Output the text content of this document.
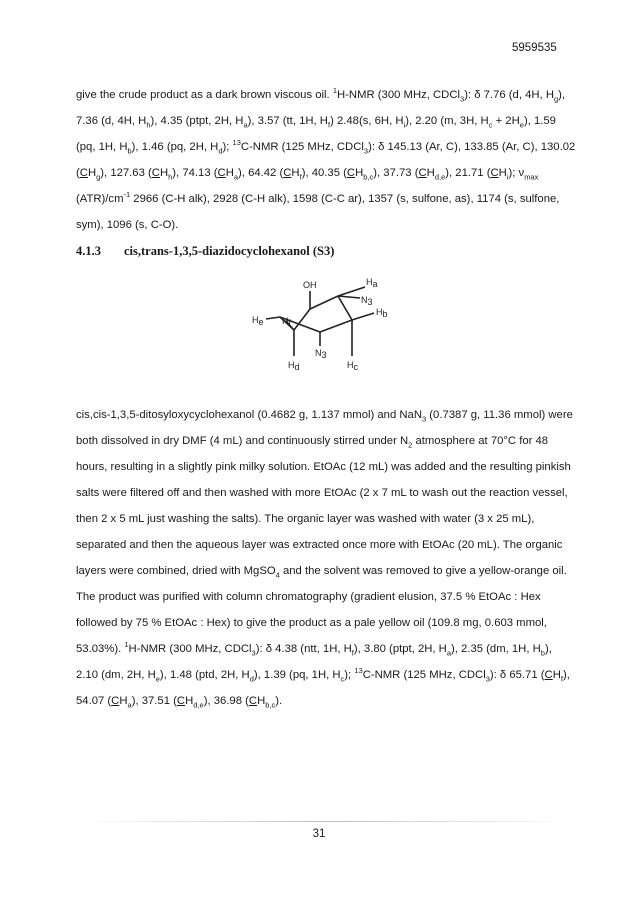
5959535

give the crude product as a dark brown viscous oil. $^1$H-NMR (300 MHz, CDCl$_3$): δ 7.76 (d, 4H, $H_g$), 7.36 (d, 4H, $H_h$), 4.35 (ptpt, 2H, $H_a$), 3.57 (tt, 1H, $H_f$) 2.48(s, 6H, $H_i$), 2.20 (m, 3H, $H_c + 2H_e$), 1.59 (pq, 1H, $H_b$), 1.46 (pq, 2H, $H_d$); $^{13}$C-NMR (125 MHz, CDCl$_3$): δ 145.13 (Ar, C), 133.85 (Ar, C), 130.02 $(CH_g)$, 127.63 $(CH_h)$, 74.13 $(CH_a)$, 64.42 $(CH_f)$, 40.35 $(CH_{b,c})$, 37.73 $(CH_{d,e})$, 21.71 $(CH_i)$; $\nu_{max}$ $(ATR)/cm^{-1}$ 2966 (C-H alk), 2928 (C-H alk), 1598 (C-C ar), 1357 (s, sulfone, as), 1174 (s, sulfone, sym), 1096 (s, C-O).

4.1.3 cis,trans-1,3,5-diazidocyclohexanol (S3)
OH	Ha
N3
Hf
He
Hb
N3
Hd	Hc

cis,cis-1,3,5-ditosyloxycyclohexanol (0.4682 g, 1.137 mmol) and NaN$_3$ (0.7387 g, 11.36 mmol) were both dissolved in dry DMF (4 mL) and continuously stirred under $N_2$ atmosphere at 70°C for 48 hours, resulting in a slightly pink milky solution. EtOAc (12 mL) was added and the resulting pinkish salts were filtered off and then washed with more EtOAc (2 x 7 mL to wash out the reaction vessel, then 2 x 5 mL just washing the salts). The organic layer was washed with water (3 x 25 mL), separated and then the aqueous layer was extracted once more with EtOAc (20 mL). The organic layers were combined, dried with MgSO$_4$ and the solvent was removed to give a yellow-orange oil. The product was purified with column chromatography (gradient elusion, 37.5 % EtOAc : Hex followed by 75 % EtOAc : Hex) to give the product as a pale yellow oil (109.8 mg, 0.603 mmol, 53.03%). $^1$H-NMR (300 MHz, CDCl$_3$): δ 4.38 (ntt, 1H, $H_f$), 3.80 (ptpt, 2H, $H_a$), 2.35 (dm, 1H, $H_b$), 2.10 (dm, 2H, $H_e$), 1.48 (ptd, 2H, $H_d$), 1.39 (pq, 1H, $H_c$); $^{13}$C-NMR (125 MHz, CDCl$_3$): δ 65.71 $(CH_f)$, 54.07 $(CH_a)$, 37.51 $(CH_{d,e})$, 36.98 $(CH_{b,c})$.

31
